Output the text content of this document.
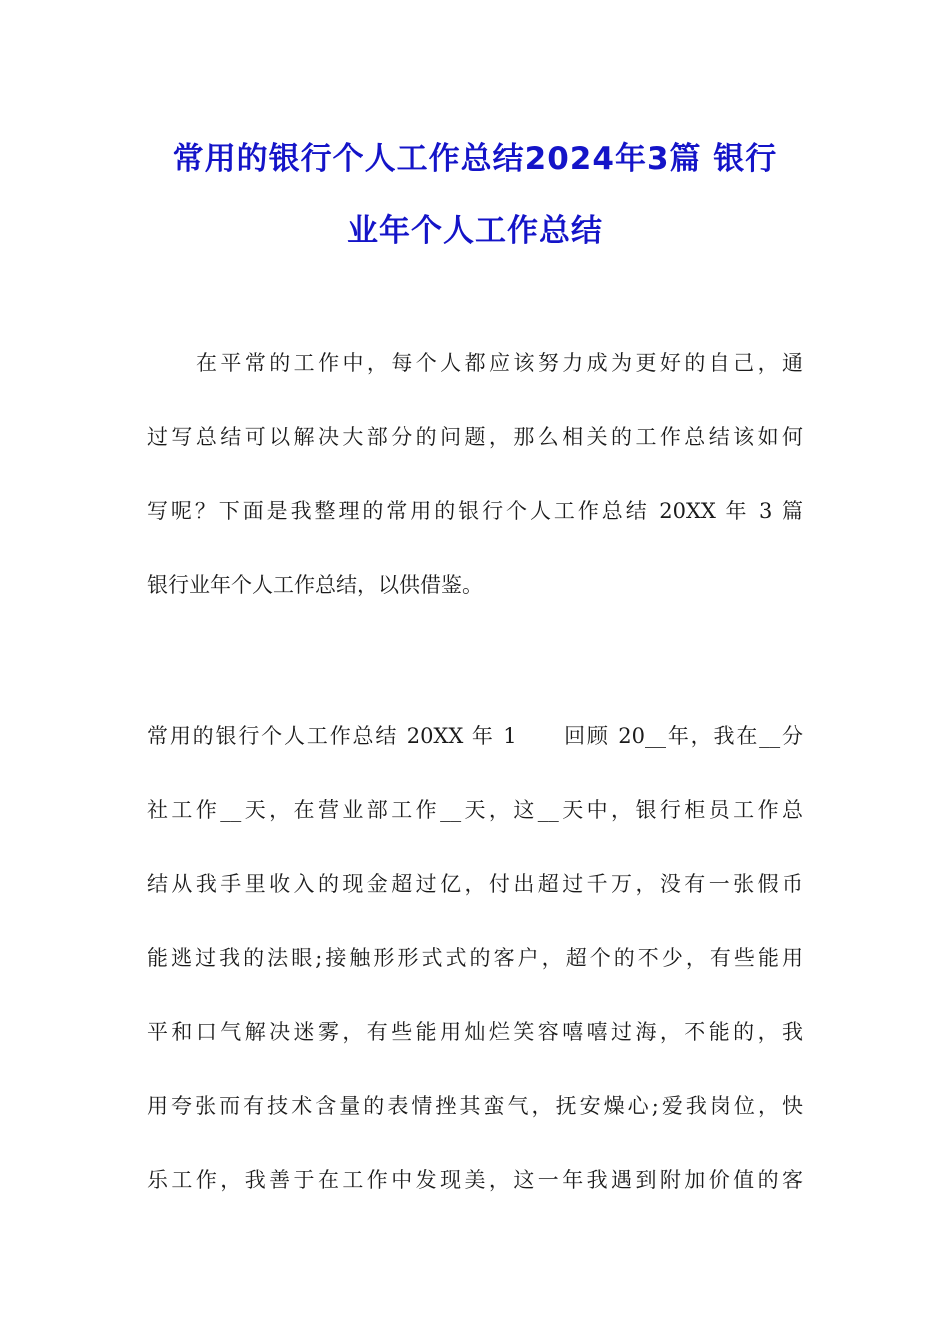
常用的银行个人工作总结2024年3篇 银行
业年个人工作总结
在平常的工作中，每个人都应该努力成为更好的自己，通
过写总结可以解决大部分的问题，那么相关的工作总结该如何
写呢？下面是我整理的常用的银行个人工作总结 20XX 年 3 篇
银行业年个人工作总结，以供借鉴。
常用的银行个人工作总结 20XX 年 1　　回顾 20__年，我在__分
社工作__天，在营业部工作__天，这__天中，银行柜员工作总
结从我手里收入的现金超过亿，付出超过千万，没有一张假币
能逃过我的法眼;接触形形式式的客户，超个的不少，有些能用
平和口气解决迷雾，有些能用灿烂笑容嘻嘻过海，不能的，我
用夸张而有技术含量的表情挫其蛮气，抚安燥心;爱我岗位，快
乐工作，我善于在工作中发现美，这一年我遇到附加价值的客
